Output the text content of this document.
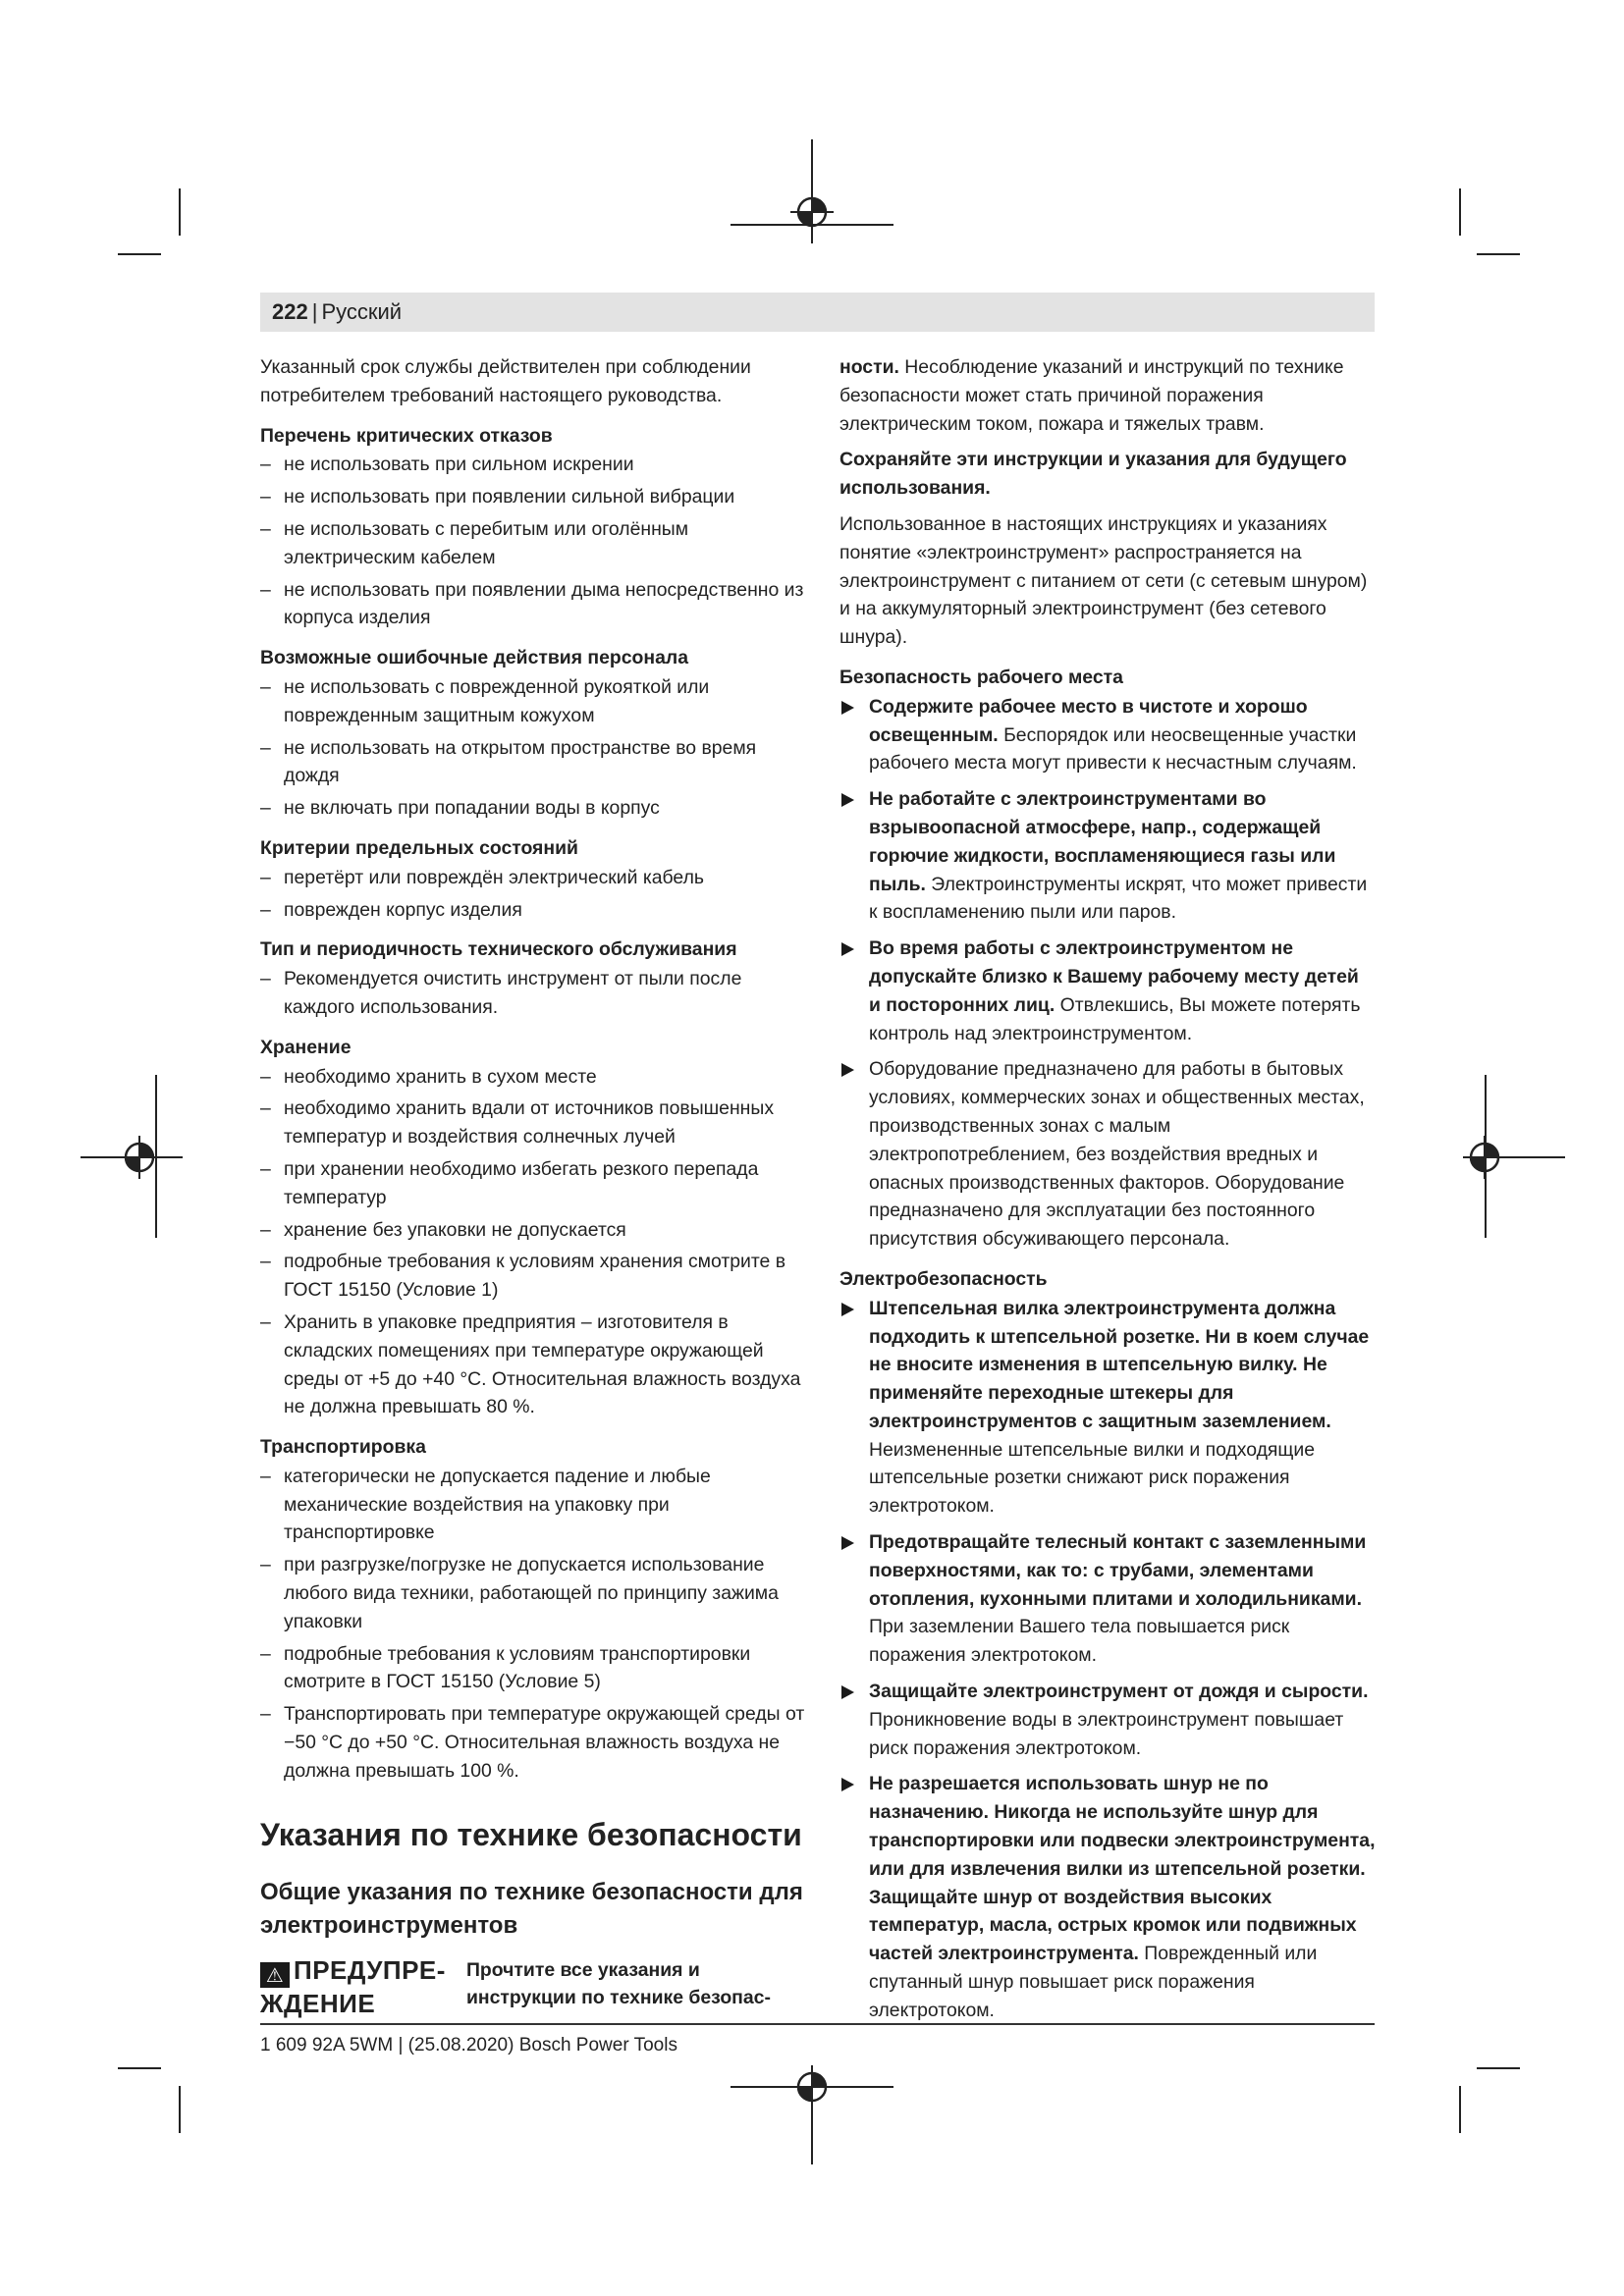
222 | Русский

Указанный срок службы действителен при соблюдении потребителем требований настоящего руководства.

Перечень критических отказов
– не использовать при сильном искрении
– не использовать при появлении сильной вибрации
– не использовать с перебитым или оголённым электрическим кабелем
– не использовать при появлении дыма непосредственно из корпуса изделия
Возможные ошибочные действия персонала
– не использовать с поврежденной рукояткой или поврежденным защитным кожухом
– не использовать на открытом пространстве во время дождя
– не включать при попадании воды в корпус
Критерии предельных состояний
– перетёрт или повреждён электрический кабель
– поврежден корпус изделия
Тип и периодичность технического обслуживания
– Рекомендуется очистить инструмент от пыли после каждого использования.
Хранение
– необходимо хранить в сухом месте
– необходимо хранить вдали от источников повышенных температур и воздействия солнечных лучей
– при хранении необходимо избегать резкого перепада температур
– хранение без упаковки не допускается
– подробные требования к условиям хранения смотрите в ГОСТ 15150 (Условие 1)
– Хранить в упаковке предприятия – изготовителя в складских помещениях при температуре окружающей среды от +5 до +40 °C. Относительная влажность воздуха не должна превышать 80 %.
Транспортировка
– категорически не допускается падение и любые механические воздействия на упаковку при транспортировке
– при разгрузке/погрузке не допускается использование любого вида техники, работающей по принципу зажима упаковки
– подробные требования к условиям транспортировки смотрите в ГОСТ 15150 (Условие 5)
– Транспортировать при температуре окружающей среды от −50 °C до +50 °C. Относительная влажность воздуха не должна превышать 100 %.
Указания по технике безопасности
Общие указания по технике безопасности для электроинструментов
⚠ ПРЕДУПРЕ-ЖДЕНИЕ
Прочтите все указания и инструкции по технике безопас-

ности. Несоблюдение указаний и инструкций по технике безопасности может стать причиной поражения электрическим током, пожара и тяжелых травм.

Сохраняйте эти инструкции и указания для будущего использования.

Использованное в настоящих инструкциях и указаниях понятие «электроинструмент» распространяется на электроинструмент с питанием от сети (с сетевым шнуром) и на аккумуляторный электроинструмент (без сетевого шнура).

Безопасность рабочего места
Содержите рабочее место в чистоте и хорошо освещенным. Беспорядок или неосвещенные участки рабочего места могут привести к несчастным случаям.
Не работайте с электроинструментами во взрывоопасной атмосфере, напр., содержащей горючие жидкости, воспламеняющиеся газы или пыль. Электроинструменты искрят, что может привести к воспламенению пыли или паров.
Во время работы с электроинструментом не допускайте близко к Вашему рабочему месту детей и посторонних лиц. Отвлекшись, Вы можете потерять контроль над электроинструментом.
Оборудование предназначено для работы в бытовых условиях, коммерческих зонах и общественных местах, производственных зонах с малым электропотреблением, без воздействия вредных и опасных производственных факторов. Оборудование предназначено для эксплуатации без постоянного присутствия обсуживающего персонала.
Электробезопасность
Штепсельная вилка электроинструмента должна подходить к штепсельной розетке. Ни в коем случае не вносите изменения в штепсельную вилку. Не применяйте переходные штекеры для электроинструментов с защитным заземлением. Неизмененные штепсельные вилки и подходящие штепсельные розетки снижают риск поражения электротоком.
Предотвращайте телесный контакт с заземленными поверхностями, как то: с трубами, элементами отопления, кухонными плитами и холодильниками. При заземлении Вашего тела повышается риск поражения электротоком.
Защищайте электроинструмент от дождя и сырости. Проникновение воды в электроинструмент повышает риск поражения электротоком.
Не разрешается использовать шнур не по назначению. Никогда не используйте шнур для транспортировки или подвески электроинструмента, или для извлечения вилки из штепсельной розетки. Защищайте шнур от воздействия высоких температур, масла, острых кромок или подвижных частей электроинструмента. Поврежденный или спутанный шнур повышает риск поражения электротоком.
1 609 92A 5WM | (25.08.2020) Bosch Power Tools
